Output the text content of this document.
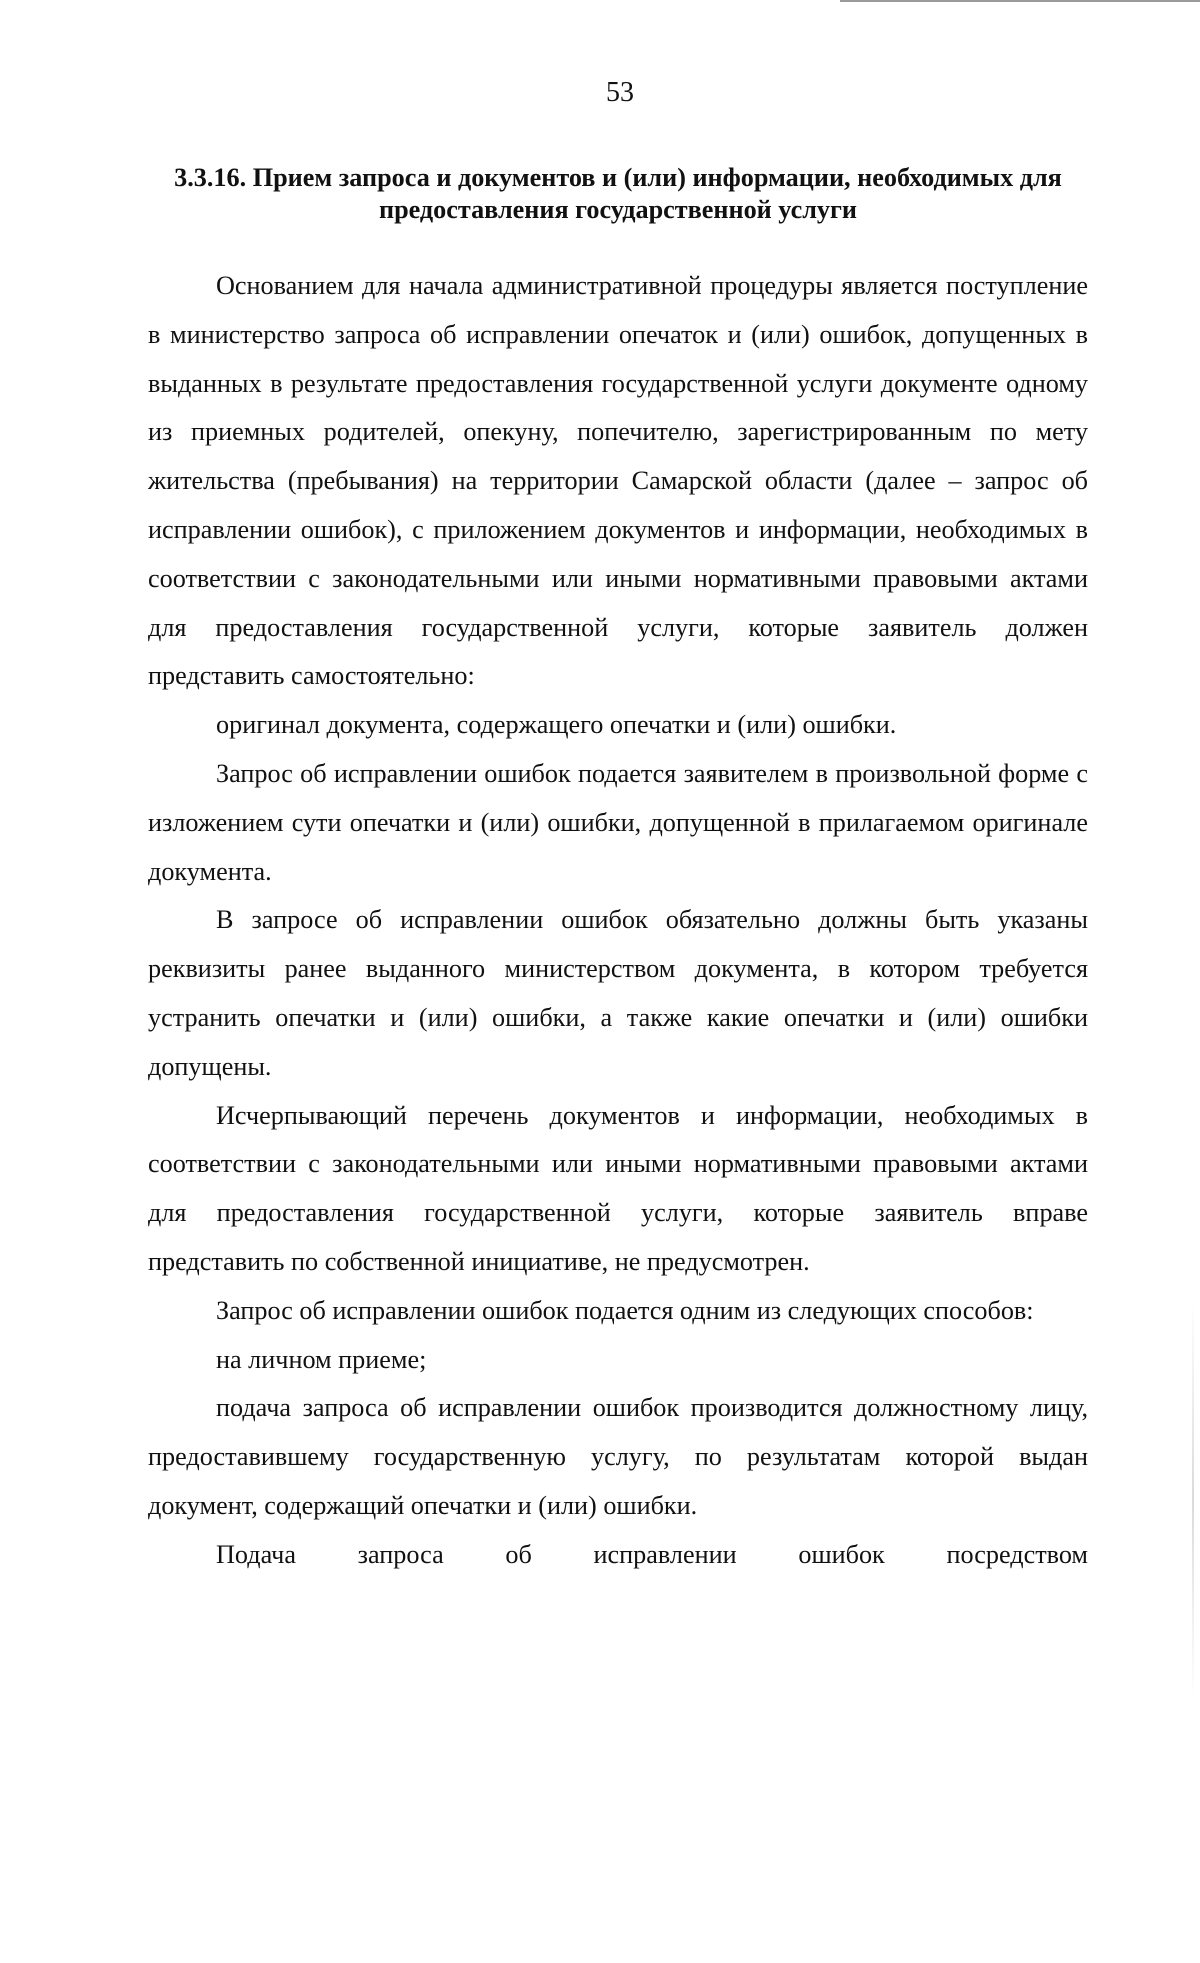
53
3.3.16. Прием запроса и документов и (или) информации, необходимых для предоставления государственной услуги

Основанием для начала административной процедуры является поступление в министерство запроса об исправлении опечаток и (или) ошибок, допущенных в выданных в результате предоставления государственной услуги документе одному из приемных родителей, опекуну, попечителю, зарегистрированным по мету жительства (пребывания) на территории Самарской области (далее – запрос об исправлении ошибок), с приложением документов и информации, необходимых в соответствии с законодательными или иными нормативными правовыми актами для предоставления государственной услуги, которые заявитель должен представить самостоятельно:

оригинал документа, содержащего опечатки и (или) ошибки.

Запрос об исправлении ошибок подается заявителем в произвольной форме с изложением сути опечатки и (или) ошибки, допущенной в прилагаемом оригинале документа.

В запросе об исправлении ошибок обязательно должны быть указаны реквизиты ранее выданного министерством документа, в котором требуется устранить опечатки и (или) ошибки, а также какие опечатки и (или) ошибки допущены.

Исчерпывающий перечень документов и информации, необходимых в соответствии с законодательными или иными нормативными правовыми актами для предоставления государственной услуги, которые заявитель вправе представить по собственной инициативе, не предусмотрен.

Запрос об исправлении ошибок подается одним из следующих способов:

на личном приеме;

подача запроса об исправлении ошибок производится должностному лицу, предоставившему государственную услугу, по результатам которой выдан документ, содержащий опечатки и (или) ошибки.

Подача запроса об исправлении ошибок посредством
